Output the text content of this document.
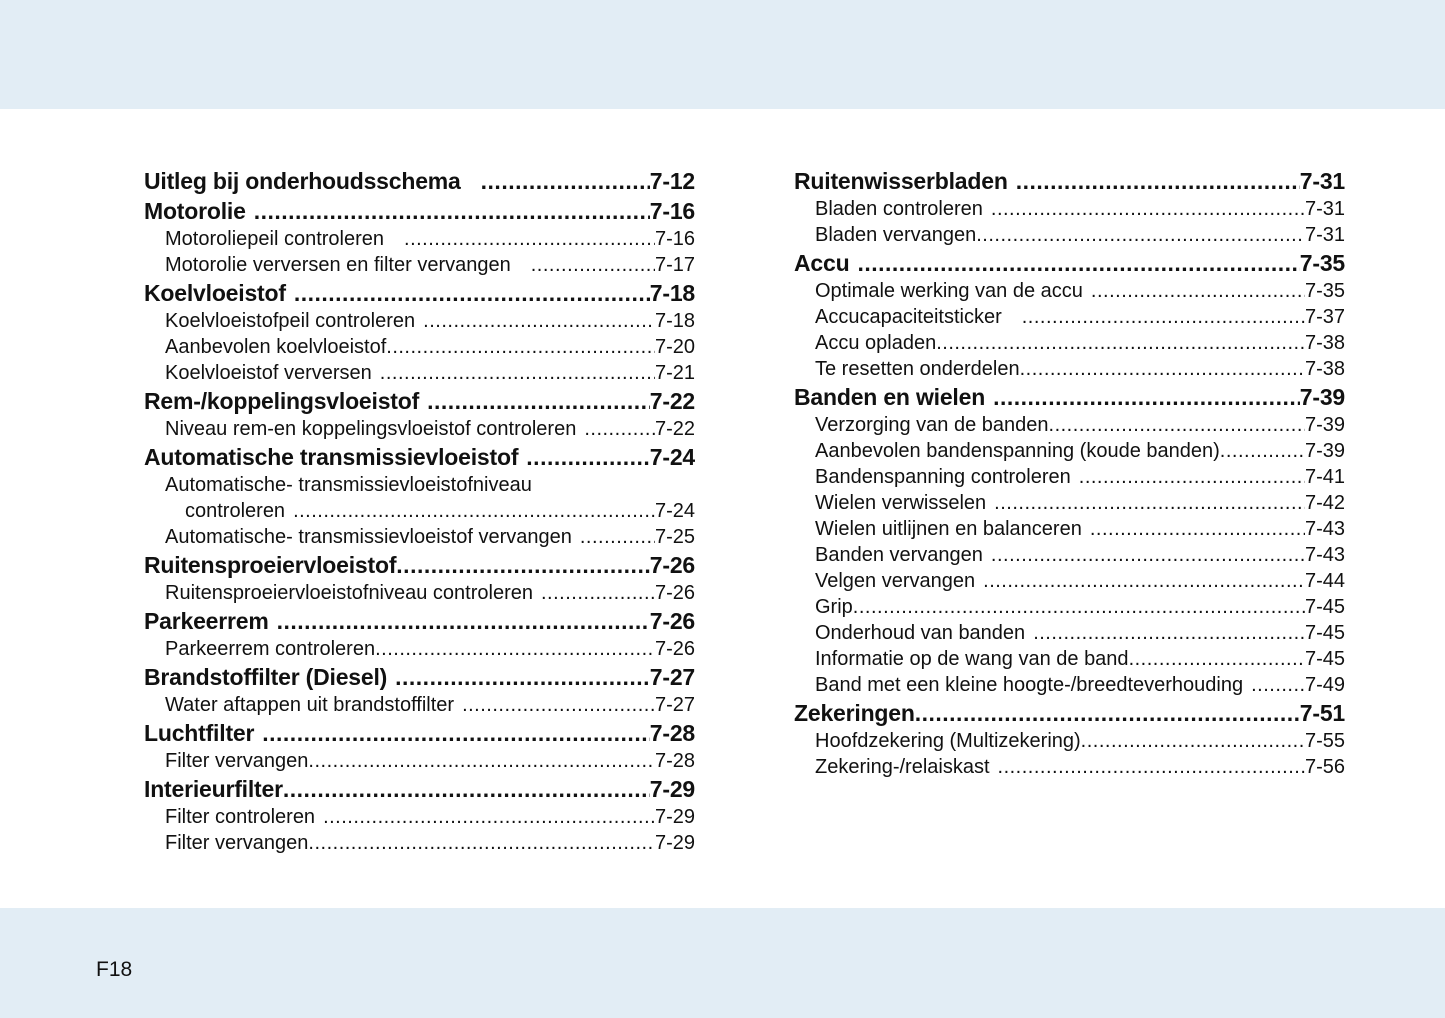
Uitleg bij onderhoudsschema .....	7-12
Motorolie .....	7-16
Motoroliepeil controleren .....	7-16
Motorolie verversen en filter vervangen .....	7-17
Koelvloeistof .....	7-18
Koelvloeistofpeil controleren .....	7-18
Aanbevolen koelvloeistof .....	7-20
Koelvloeistof verversen .....	7-21
Rem-/koppelingsvloeistof .....	7-22
Niveau rem-en koppelingsvloeistof controleren .....	7-22
Automatische transmissievloeistof .....	7-24
Automatische- transmissievloeistofniveau
controleren .....	7-24
Automatische- transmissievloeistof vervangen .....	7-25
Ruitensproeiervloeistof .....	7-26
Ruitensproeiervloeistofniveau controleren .....	7-26
Parkeerrem .....	7-26
Parkeerrem controleren .....	7-26
Brandstoffilter (Diesel) .....	7-27
Water aftappen uit brandstoffilter .....	7-27
Luchtfilter .....	7-28
Filter vervangen .....	7-28
Interieurfilter .....	7-29
Filter controleren .....	7-29
Filter vervangen .....	7-29
Ruitenwisserbladen .....	7-31
Bladen controleren .....	7-31
Bladen vervangen .....	7-31
Accu .....	7-35
Optimale werking van de accu .....	7-35
Accucapaciteitsticker .....	7-37
Accu opladen .....	7-38
Te resetten onderdelen .....	7-38
Banden en wielen .....	7-39
Verzorging van de banden .....	7-39
Aanbevolen bandenspanning (koude banden) .....	7-39
Bandenspanning controleren .....	7-41
Wielen verwisselen .....	7-42
Wielen uitlijnen en balanceren .....	7-43
Banden vervangen .....	7-43
Velgen vervangen .....	7-44
Grip .....	7-45
Onderhoud van banden .....	7-45
Informatie op de wang van de band .....	7-45
Band met een kleine hoogte-/breedteverhouding .....	7-49
Zekeringen .....	7-51
Hoofdzekering (Multizekering) .....	7-55
Zekering-/relaiskast .....	7-56
F18
